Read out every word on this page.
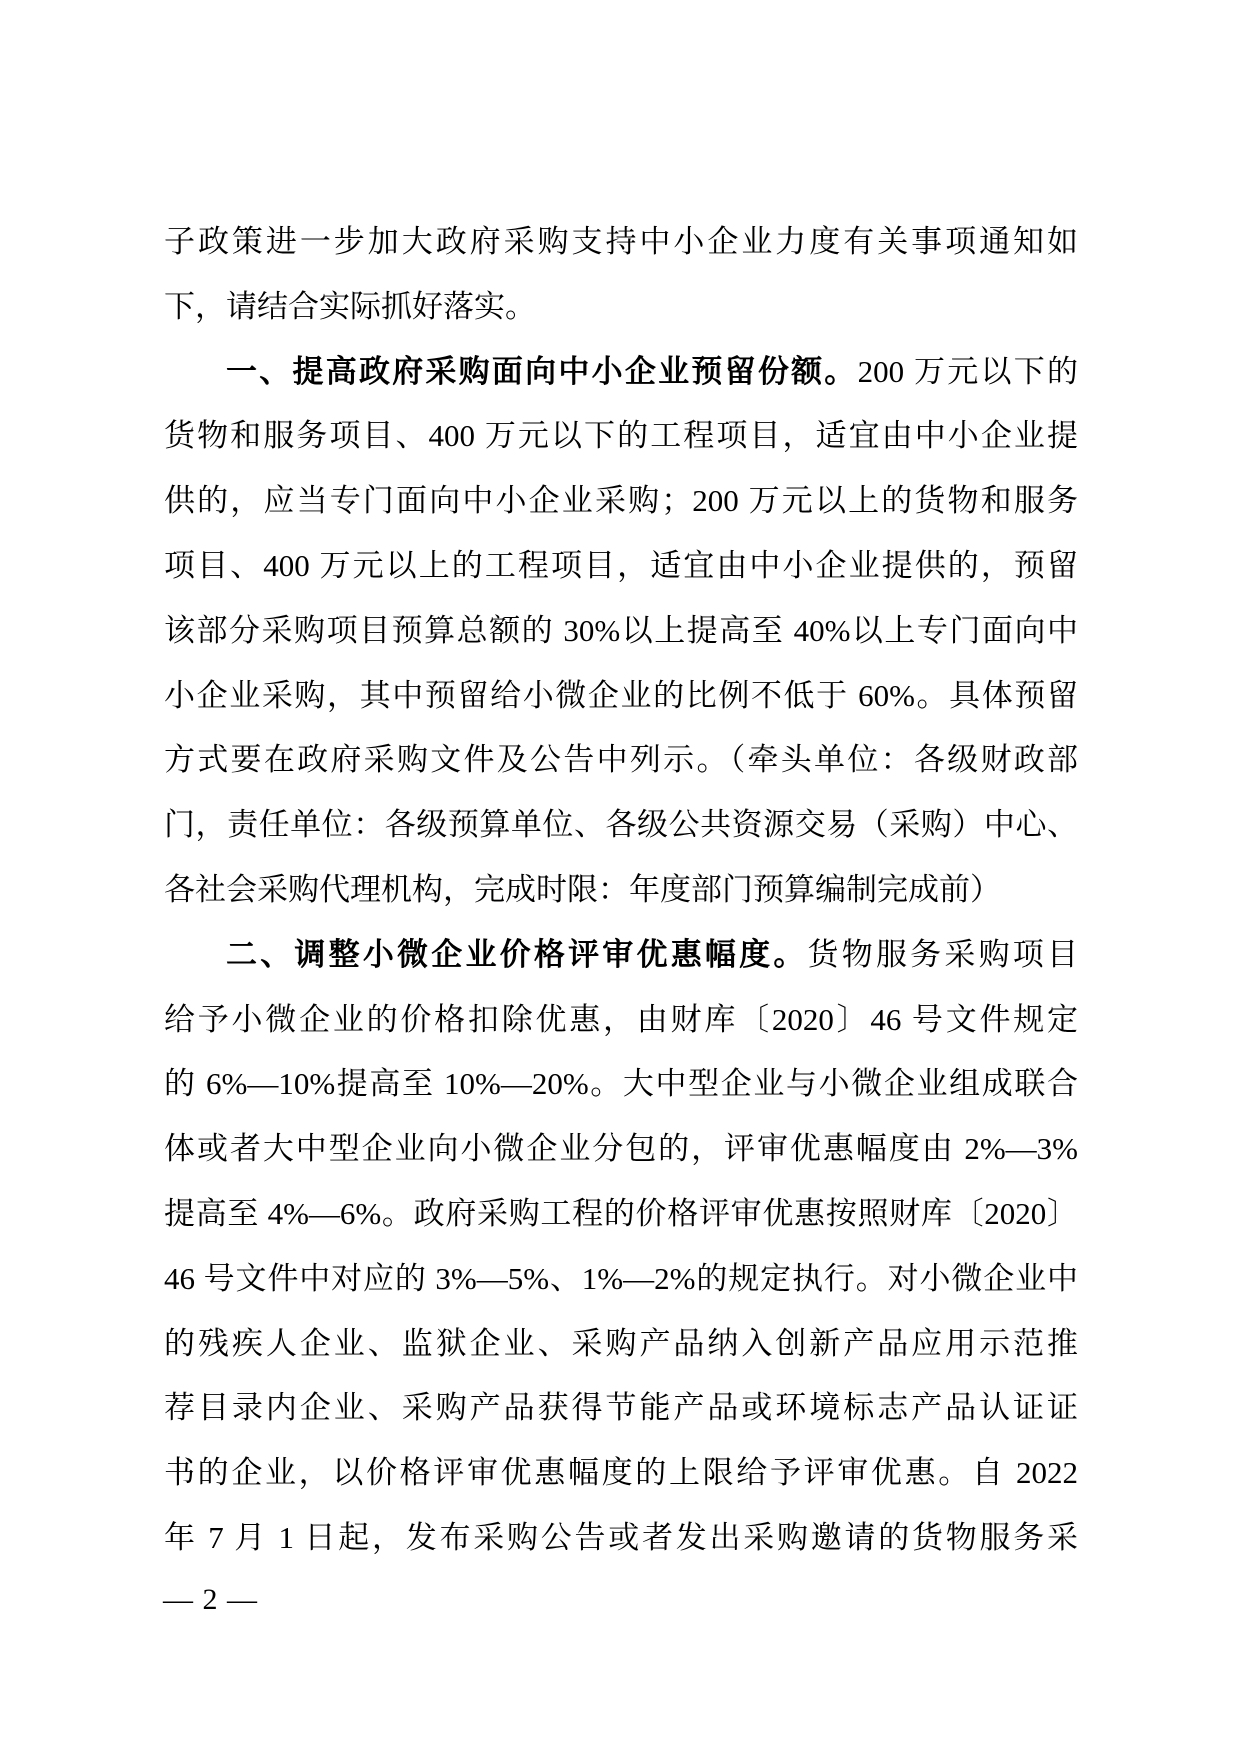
子政策进一步加大政府采购支持中小企业力度有关事项通知如
下，请结合实际抓好落实。
一、提高政府采购面向中小企业预留份额。200 万元以下的
货物和服务项目、400 万元以下的工程项目，适宜由中小企业提
供的，应当专门面向中小企业采购；200 万元以上的货物和服务
项目、400 万元以上的工程项目，适宜由中小企业提供的，预留
该部分采购项目预算总额的 30%以上提高至 40%以上专门面向中
小企业采购，其中预留给小微企业的比例不低于 60%。具体预留
方式要在政府采购文件及公告中列示。（牵头单位：各级财政部
门，责任单位：各级预算单位、各级公共资源交易（采购）中心、
各社会采购代理机构，完成时限：年度部门预算编制完成前）
二、调整小微企业价格评审优惠幅度。货物服务采购项目
给予小微企业的价格扣除优惠，由财库〔2020〕46 号文件规定
的 6%—10%提高至 10%—20%。大中型企业与小微企业组成联合
体或者大中型企业向小微企业分包的，评审优惠幅度由 2%—3%
提高至 4%—6%。政府采购工程的价格评审优惠按照财库〔2020〕
46 号文件中对应的 3%—5%、1%—2%的规定执行。对小微企业中
的残疾人企业、监狱企业、采购产品纳入创新产品应用示范推
荐目录内企业、采购产品获得节能产品或环境标志产品认证证
书的企业，以价格评审优惠幅度的上限给予评审优惠。自 2022
年 7 月 1 日起，发布采购公告或者发出采购邀请的货物服务采
— 2 —
